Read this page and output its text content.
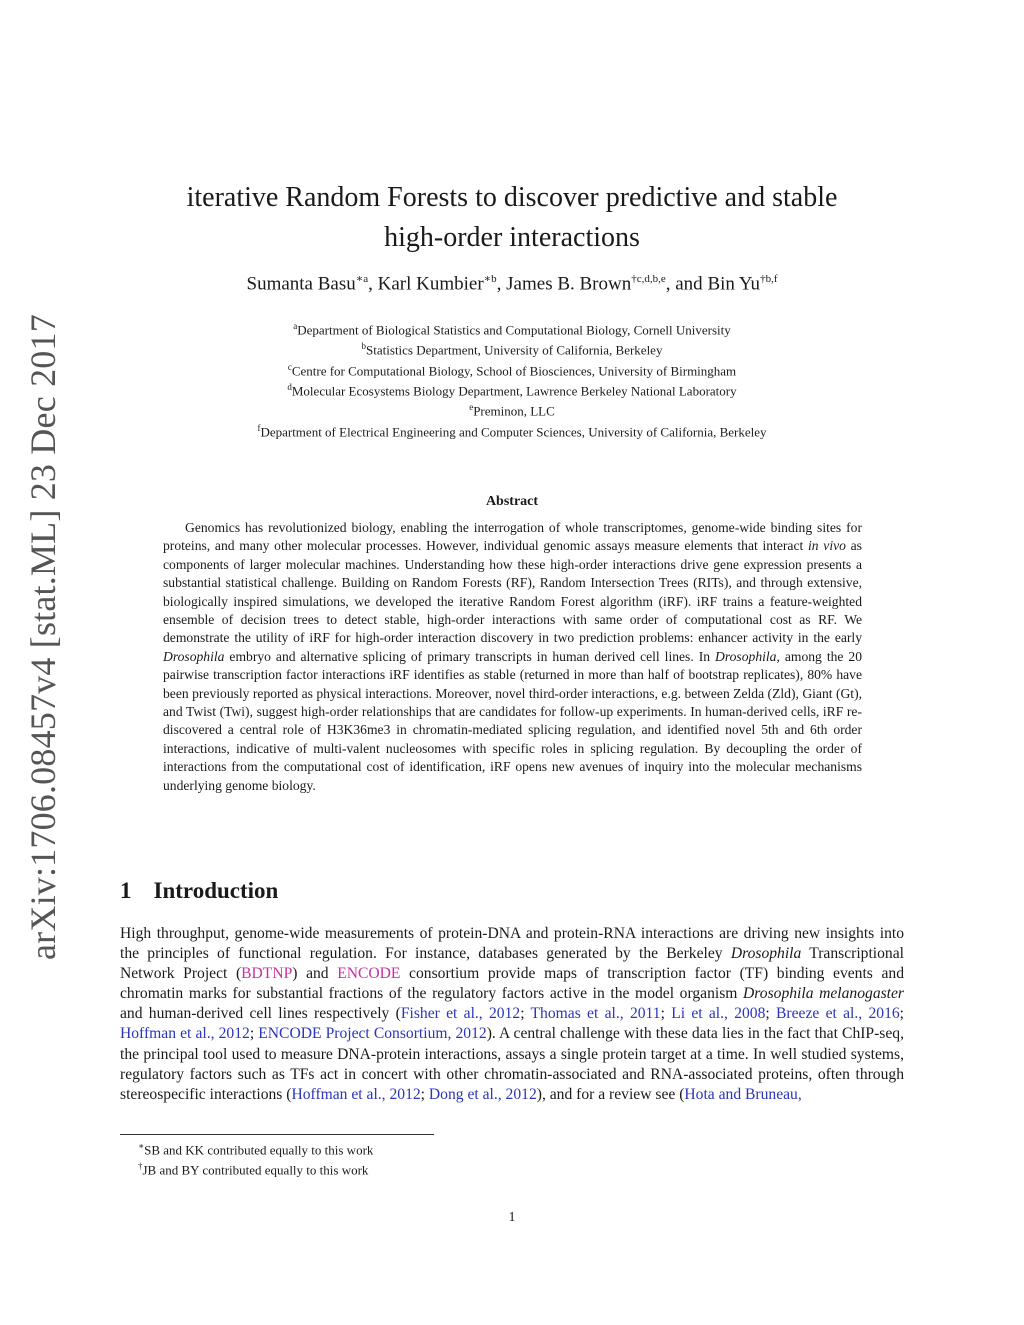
arXiv:1706.08457v4 [stat.ML] 23 Dec 2017
iterative Random Forests to discover predictive and stable
high-order interactions
Sumanta Basu$^{∗a}$, Karl Kumbier$^{∗b}$, James B. Brown$^{\dagger c,d,b,e}$, and Bin Yu$^{\dagger b,f}$
$^a$Department of Biological Statistics and Computational Biology, Cornell University
$^b$Statistics Department, University of California, Berkeley
$^c$Centre for Computational Biology, School of Biosciences, University of Birmingham
$^d$Molecular Ecosystems Biology Department, Lawrence Berkeley National Laboratory
$^e$Preminon, LLC
$^f$Department of Electrical Engineering and Computer Sciences, University of California, Berkeley
Abstract

Genomics has revolutionized biology, enabling the interrogation of whole transcriptomes, genome-wide binding sites for proteins, and many other molecular processes. However, individual genomic assays measure elements that interact in vivo as components of larger molecular machines. Understanding how these high-order interactions drive gene expression presents a substantial statistical challenge. Building on Random Forests (RF), Random Intersection Trees (RITs), and through extensive, biologically inspired simulations, we developed the iterative Random Forest algorithm (iRF). iRF trains a feature-weighted ensemble of decision trees to detect stable, high-order interactions with same order of computational cost as RF. We demonstrate the utility of iRF for high-order interaction discovery in two prediction problems: enhancer activity in the early Drosophila embryo and alternative splicing of primary transcripts in human derived cell lines. In Drosophila, among the 20 pairwise transcription factor interactions iRF identifies as stable (returned in more than half of bootstrap replicates), 80% have been previously reported as physical interactions. Moreover, novel third-order interactions, e.g. between Zelda (Zld), Giant (Gt), and Twist (Twi), suggest high-order relationships that are candidates for follow-up experiments. In human-derived cells, iRF re-discovered a central role of H3K36me3 in chromatin-mediated splicing regulation, and identified novel 5th and 6th order interactions, indicative of multi-valent nucleosomes with specific roles in splicing regulation. By decoupling the order of interactions from the computational cost of identification, iRF opens new avenues of inquiry into the molecular mechanisms underlying genome biology.

1 Introduction

High throughput, genome-wide measurements of protein-DNA and protein-RNA interactions are driving new insights into the principles of functional regulation. For instance, databases generated by the Berkeley Drosophila Transcriptional Network Project (BDTNP) and ENCODE consortium provide maps of transcription factor (TF) binding events and chromatin marks for substantial fractions of the regulatory factors active in the model organism Drosophila melanogaster and human-derived cell lines respectively (Fisher et al., 2012; Thomas et al., 2011; Li et al., 2008; Breeze et al., 2016; Hoffman et al., 2012; ENCODE Project Consortium, 2012). A central challenge with these data lies in the fact that ChIP-seq, the principal tool used to measure DNA-protein interactions, assays a single protein target at a time. In well studied systems, regulatory factors such as TFs act in concert with other chromatin-associated and RNA-associated proteins, often through stereospecific interactions (Hoffman et al., 2012; Dong et al., 2012), and for a review see (Hota and Bruneau,

∗SB and KK contributed equally to this work
†JB and BY contributed equally to this work
1
